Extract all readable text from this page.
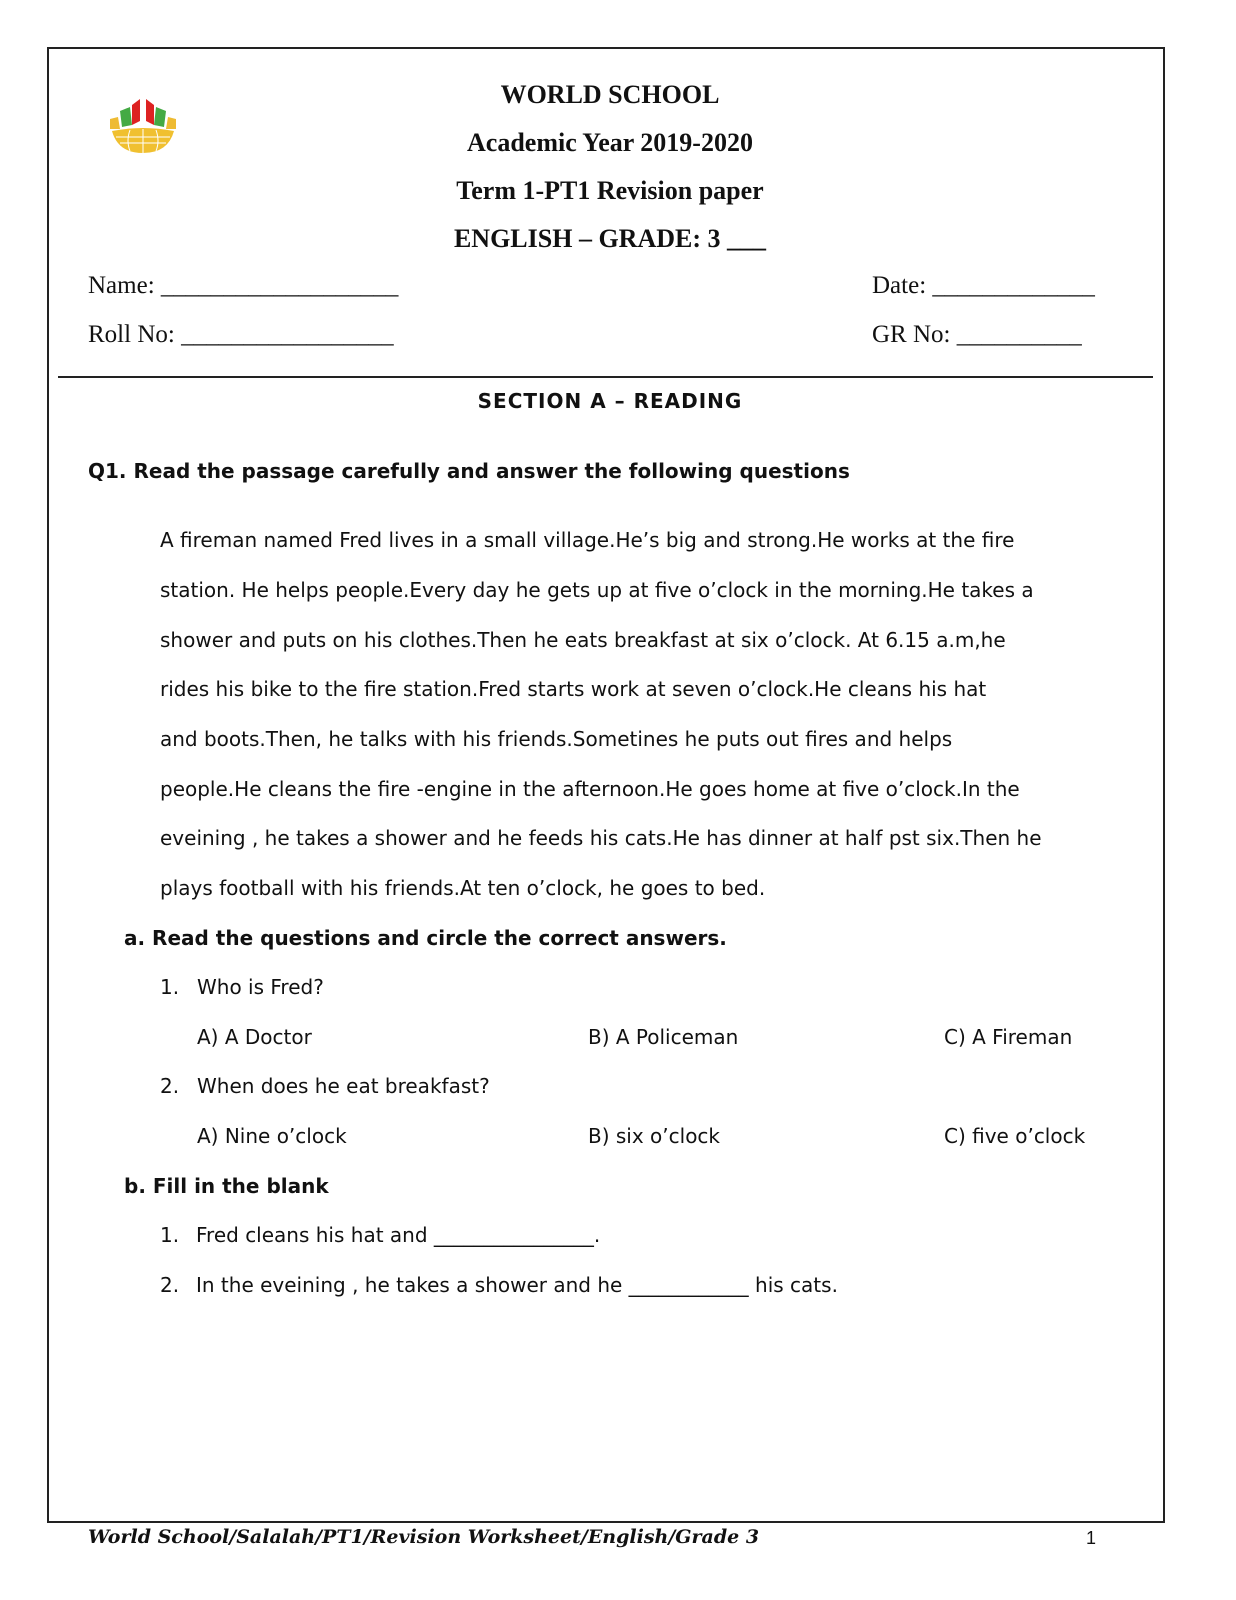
WORLD SCHOOL
Academic Year 2019-2020
Term 1-PT1 Revision paper
ENGLISH – GRADE: 3 ___
Name: ___________________	Date: _____________
Roll No: _________________	GR No: __________
SECTION A – READING
Q1. Read the passage carefully and answer the following questions
A fireman named Fred lives in a small village.He’s big and strong.He works at the fire
station. He helps people.Every day he gets up at five o’clock in the morning.He takes a
shower and puts on his clothes.Then he eats breakfast at six o’clock. At 6.15 a.m,he
rides his bike to the fire station.Fred starts work at seven o’clock.He cleans his hat
and boots.Then, he talks with his friends.Sometines he puts out fires and helps
people.He cleans the fire -engine in the afternoon.He goes home at five o’clock.In the
eveining , he takes a shower and he feeds his cats.He has dinner at half pst six.Then he
plays football with his friends.At ten o’clock, he goes to bed.
a. Read the questions and circle the correct answers.
1. Who is Fred?
A) A Doctor	B) A Policeman	C) A Fireman
2. When does he eat breakfast?
A) Nine o’clock	B) six o’clock	C) five o’clock
b. Fill in the blank
1. Fred cleans his hat and ________________.
2. In the eveining , he takes a shower and he ____________ his cats.
World School/Salalah/PT1/Revision Worksheet/English/Grade 3	1
